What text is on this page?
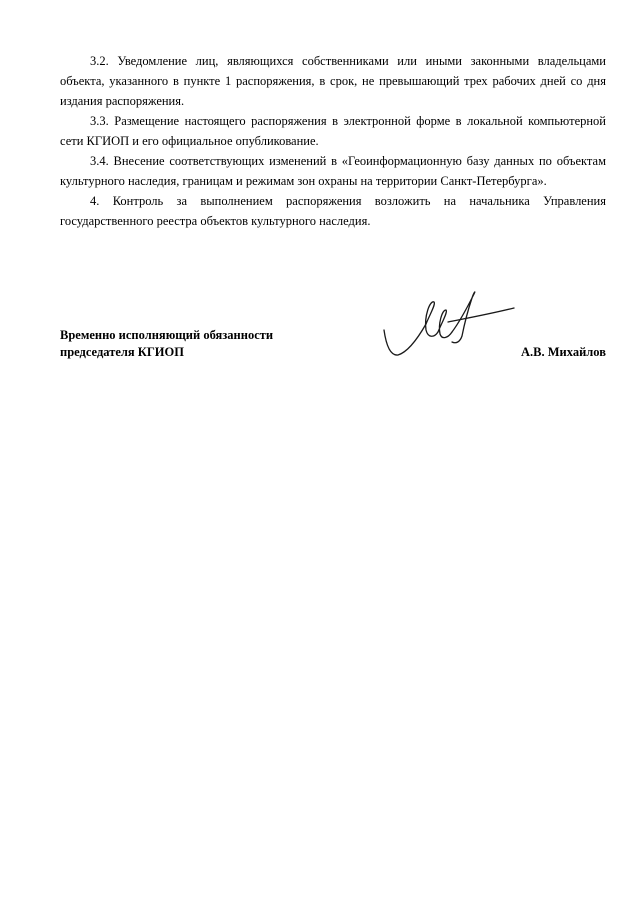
3.2. Уведомление лиц, являющихся собственниками или иными законными владельцами объекта, указанного в пункте 1 распоряжения, в срок, не превышающий трех рабочих дней со дня издания распоряжения.

3.3. Размещение настоящего распоряжения в электронной форме в локальной компьютерной сети КГИОП и его официальное опубликование.

3.4. Внесение соответствующих изменений в «Геоинформационную базу данных по объектам культурного наследия, границам и режимам зон охраны на территории Санкт-Петербурга».

4. Контроль за выполнением распоряжения возложить на начальника Управления государственного реестра объектов культурного наследия.

Временно исполняющий обязанности
председателя КГИОП	А.В. Михайлов
